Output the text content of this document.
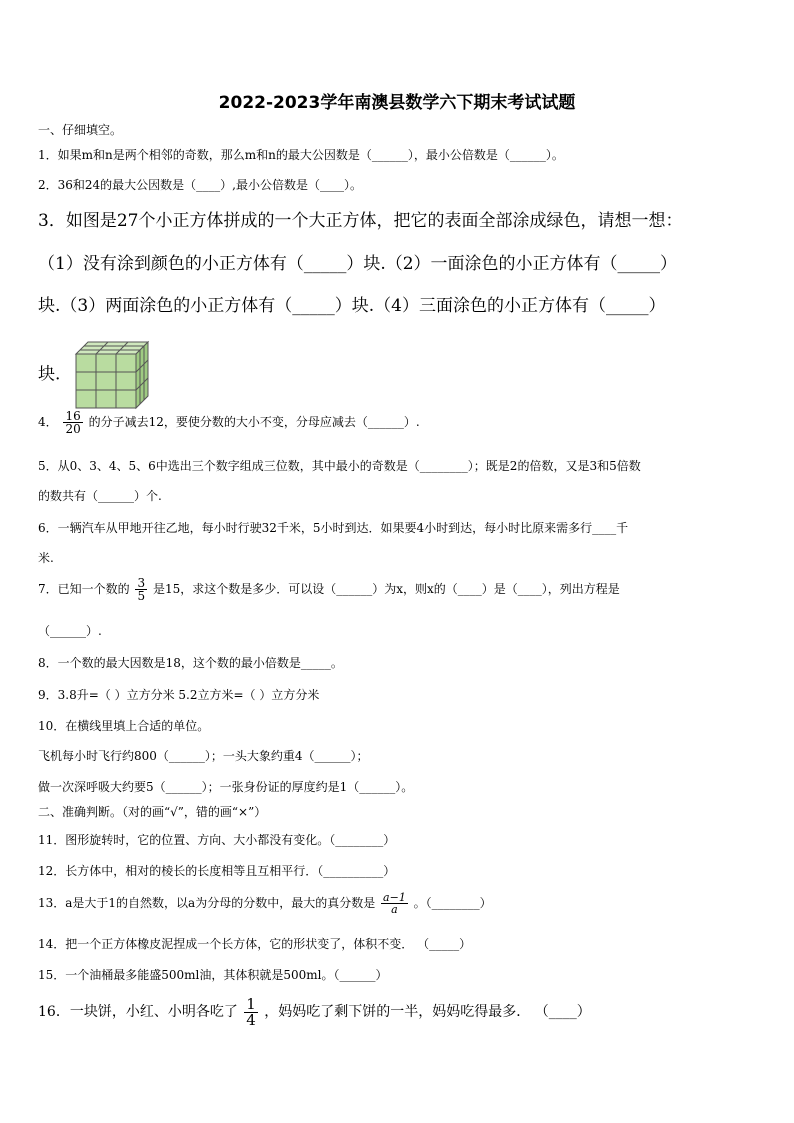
2022-2023学年南澳县数学六下期末考试试题
一、仔细填空。
1．如果m和n是两个相邻的奇数，那么m和n的最大公因数是（______），最小公倍数是（______）。
2．36和24的最大公因数是（____）,最小公倍数是（____）。
3．如图是27个小正方体拼成的一个大正方体，把它的表面全部涂成绿色，请想一想：
（1）没有涂到颜色的小正方体有（_____）块.（2）一面涂色的小正方体有（_____）
块.（3）两面涂色的小正方体有（_____）块.（4）三面涂色的小正方体有（_____）
块.
4． $\frac{16}{20}$ 的分子减去12，要使分数的大小不变，分母应减去（______）.
5．从0、3、4、5、6中选出三个数字组成三位数，其中最小的奇数是（________）；既是2的倍数，又是3和5倍数
的数共有（______）个.
6．一辆汽车从甲地开往乙地，每小时行驶32千米，5小时到达．如果要4小时到达，每小时比原来需多行____千
米.
7．已知一个数的 $\frac{3}{5}$ 是15，求这个数是多少．可以设（______）为x，则x的（____）是（____），列出方程是
（______）.
8．一个数的最大因数是18，这个数的最小倍数是_____。
9．3.8升=（ ）立方分米 5.2立方米=（ ）立方分米
10．在横线里填上合适的单位。
飞机每小时飞行约800（______）；一头大象约重4（______）；
做一次深呼吸大约要5（______）；一张身份证的厚度约是1（______）。
二、准确判断。（对的画“√”，错的画“×”）
11．图形旋转时，它的位置、方向、大小都没有变化。（________）
12．长方体中，相对的棱长的长度相等且互相平行．（__________）
13．a是大于1的自然数，以a为分母的分数中，最大的真分数是 $\frac{a-1}{a}$ 。（________）
14．把一个正方体橡皮泥捏成一个长方体，它的形状变了，体积不变． （_____）
15．一个油桶最多能盛500ml油，其体积就是500ml。（______）
16．一块饼，小红、小明各吃了 $\frac{1}{4}$ ，妈妈吃了剩下饼的一半，妈妈吃得最多． （____）
